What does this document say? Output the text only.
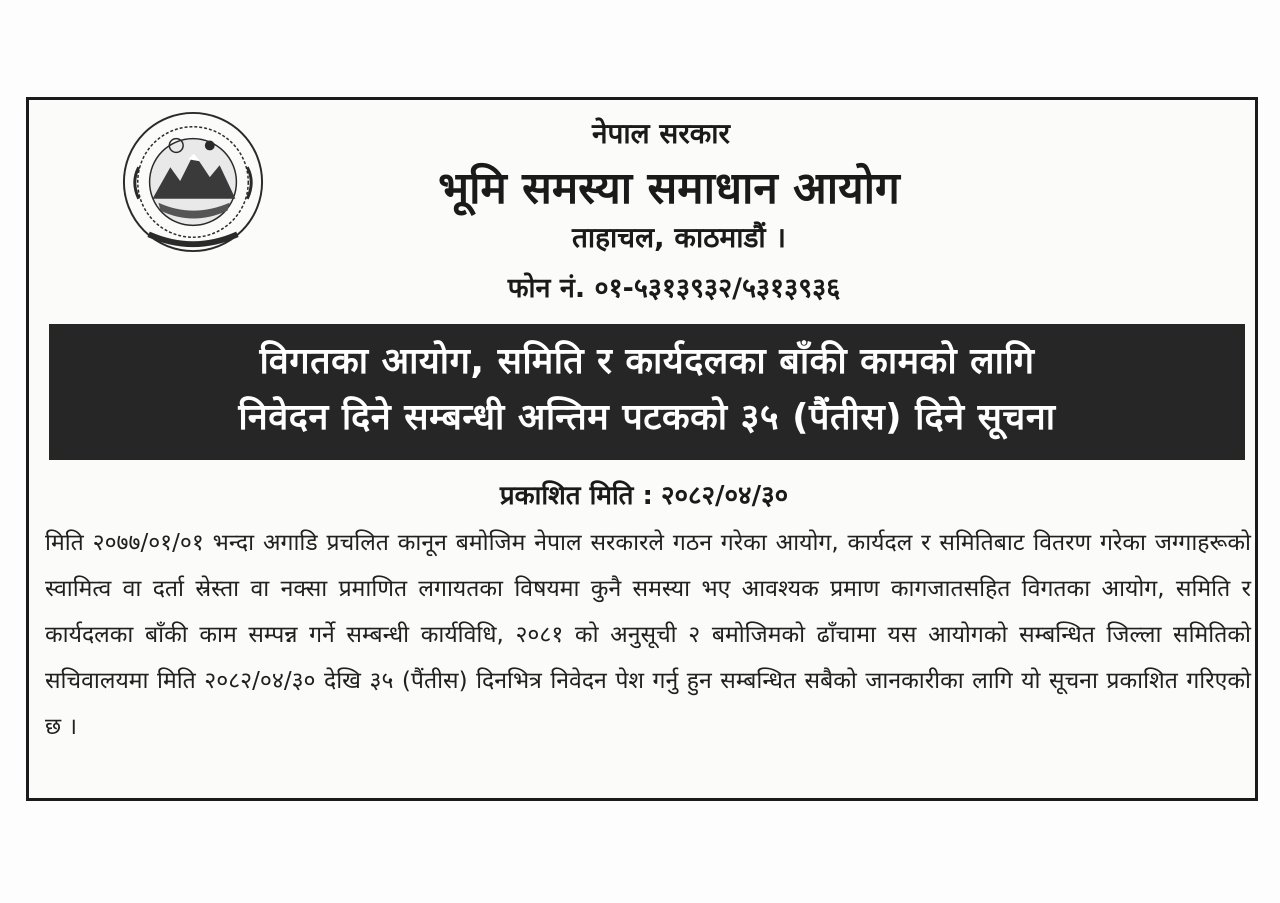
नेपाल सरकार
भूमि समस्या समाधान आयोग
ताहाचल, काठमाडौं ।
फोन नं. ०१-५३१३९३२/५३१३९३६
विगतका आयोग, समिति र कार्यदलका बाँकी कामको लागि
निवेदन दिने सम्बन्धी अन्तिम पटकको ३५ (पैंतीस) दिने सूचना
प्रकाशित मिति : २०८२/०४/३०
मिति २०७७/०१/०१ भन्दा अगाडि प्रचलित कानून बमोजिम नेपाल सरकारले गठन गरेका आयोग, कार्यदल र समितिबाट वितरण गरेका जग्गाहरूको स्वामित्व वा दर्ता स्रेस्ता वा नक्सा प्रमाणित लगायतका विषयमा कुनै समस्या भए आवश्यक प्रमाण कागजातसहित विगतका आयोग, समिति र कार्यदलका बाँकी काम सम्पन्न गर्ने सम्बन्धी कार्यविधि, २०८१ को अनुसूची २ बमोजिमको ढाँचामा यस आयोगको सम्बन्धित जिल्ला समितिको सचिवालयमा मिति २०८२/०४/३० देखि ३५ (पैंतीस) दिनभित्र निवेदन पेश गर्नु हुन सम्बन्धित सबैको जानकारीका लागि यो सूचना प्रकाशित गरिएको छ ।
